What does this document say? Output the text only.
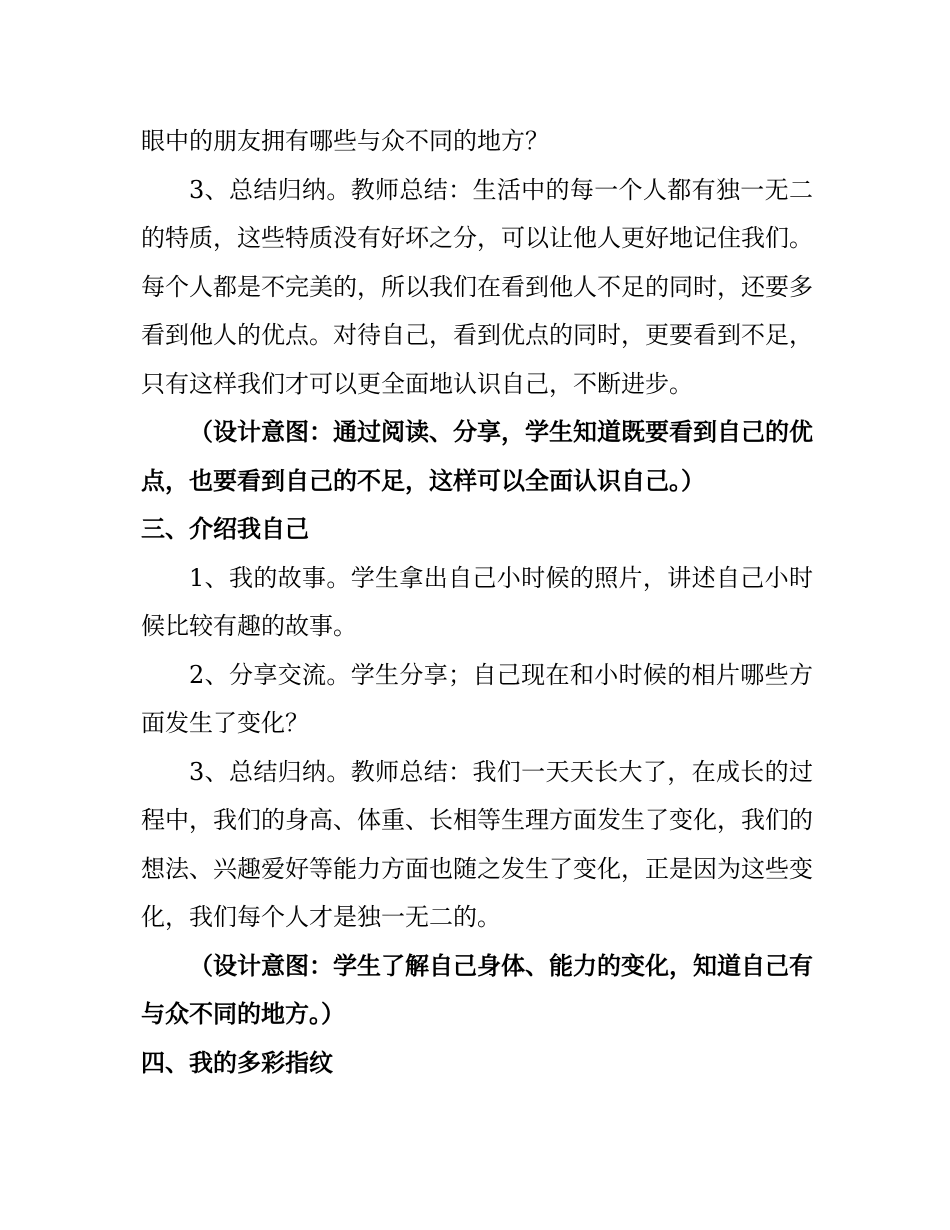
眼中的朋友拥有哪些与众不同的地方？

3、总结归纳。教师总结：生活中的每一个人都有独一无二的特质，这些特质没有好坏之分，可以让他人更好地记住我们。每个人都是不完美的，所以我们在看到他人不足的同时，还要多看到他人的优点。对待自己，看到优点的同时，更要看到不足，只有这样我们才可以更全面地认识自己，不断进步。

（设计意图：通过阅读、分享，学生知道既要看到自己的优点，也要看到自己的不足，这样可以全面认识自己。）

三、介绍我自己

1、我的故事。学生拿出自己小时候的照片，讲述自己小时候比较有趣的故事。

2、分享交流。学生分享；自己现在和小时候的相片哪些方面发生了变化？

3、总结归纳。教师总结：我们一天天长大了，在成长的过程中，我们的身高、体重、长相等生理方面发生了变化，我们的想法、兴趣爱好等能力方面也随之发生了变化，正是因为这些变化，我们每个人才是独一无二的。

（设计意图：学生了解自己身体、能力的变化，知道自己有与众不同的地方。）

四、我的多彩指纹
